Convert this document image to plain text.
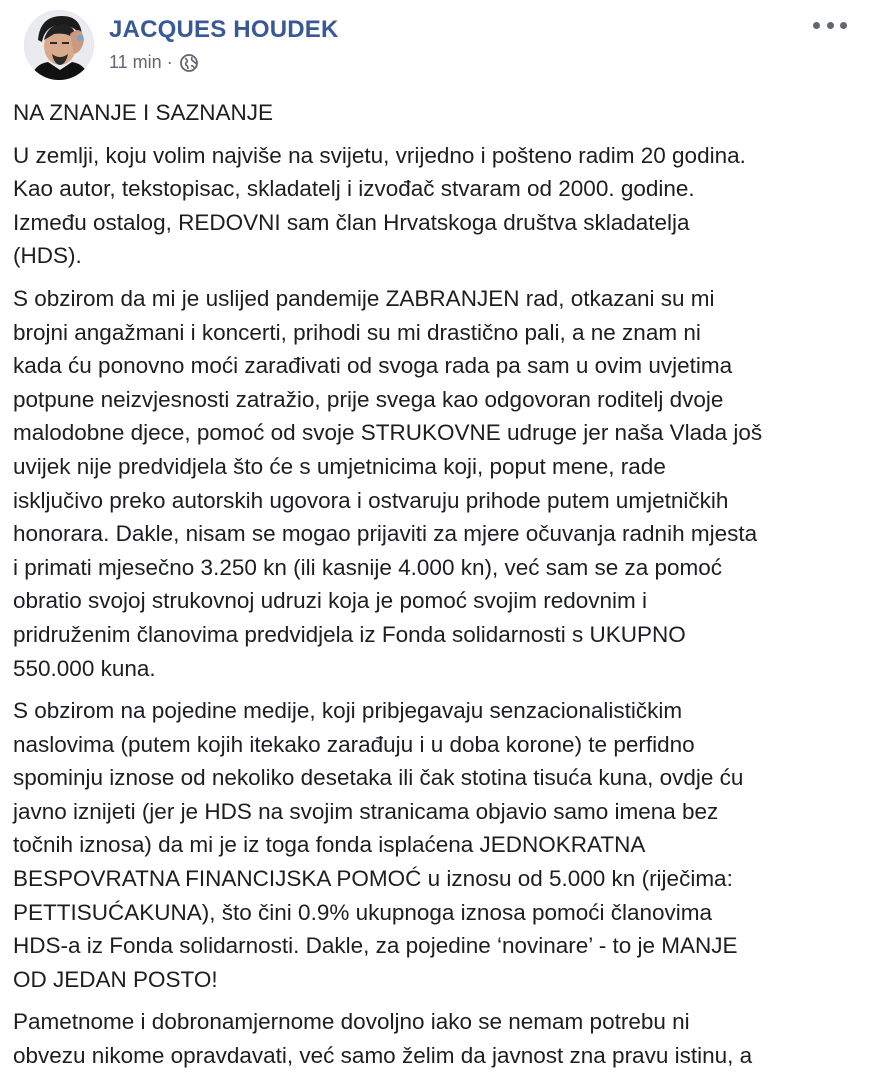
JACQUES HOUDEK
11 min ·

NA ZNANJE I SAZNANJE

U zemlji, koju volim najviše na svijetu, vrijedno i pošteno radim 20 godina.
Kao autor, tekstopisac, skladatelj i izvođač stvaram od 2000. godine.
Između ostalog, REDOVNI sam član Hrvatskoga društva skladatelja
(HDS).

S obzirom da mi je uslijed pandemije ZABRANJEN rad, otkazani su mi
brojni angažmani i koncerti, prihodi su mi drastično pali, a ne znam ni
kada ću ponovno moći zarađivati od svoga rada pa sam u ovim uvjetima
potpune neizvjesnosti zatražio, prije svega kao odgovoran roditelj dvoje
malodobne djece, pomoć od svoje STRUKOVNE udruge jer naša Vlada još
uvijek nije predvidjela što će s umjetnicima koji, poput mene, rade
isključivo preko autorskih ugovora i ostvaruju prihode putem umjetničkih
honorara. Dakle, nisam se mogao prijaviti za mjere očuvanja radnih mjesta
i primati mjesečno 3.250 kn (ili kasnije 4.000 kn), već sam se za pomoć
obratio svojoj strukovnoj udruzi koja je pomoć svojim redovnim i
pridruženim članovima predvidjela iz Fonda solidarnosti s UKUPNO
550.000 kuna.

S obzirom na pojedine medije, koji pribjegavaju senzacionalističkim
naslovima (putem kojih itekako zarađuju i u doba korone) te perfidno
spominju iznose od nekoliko desetaka ili čak stotina tisuća kuna, ovdje ću
javno iznijeti (jer je HDS na svojim stranicama objavio samo imena bez
točnih iznosa) da mi je iz toga fonda isplaćena JEDNOKRATNA
BESPOVRATNA FINANCIJSKA POMOĆ u iznosu od 5.000 kn (riječima:
PETTISUĆAKUNA), što čini 0.9% ukupnoga iznosa pomoći članovima
HDS-a iz Fonda solidarnosti. Dakle, za pojedine ‘novinare’ - to je MANJE
OD JEDAN POSTO!

Pametnome i dobronamjernome dovoljno iako se nemam potrebu ni
obvezu nikome opravdavati, već samo želim da javnost zna pravu istinu, a
